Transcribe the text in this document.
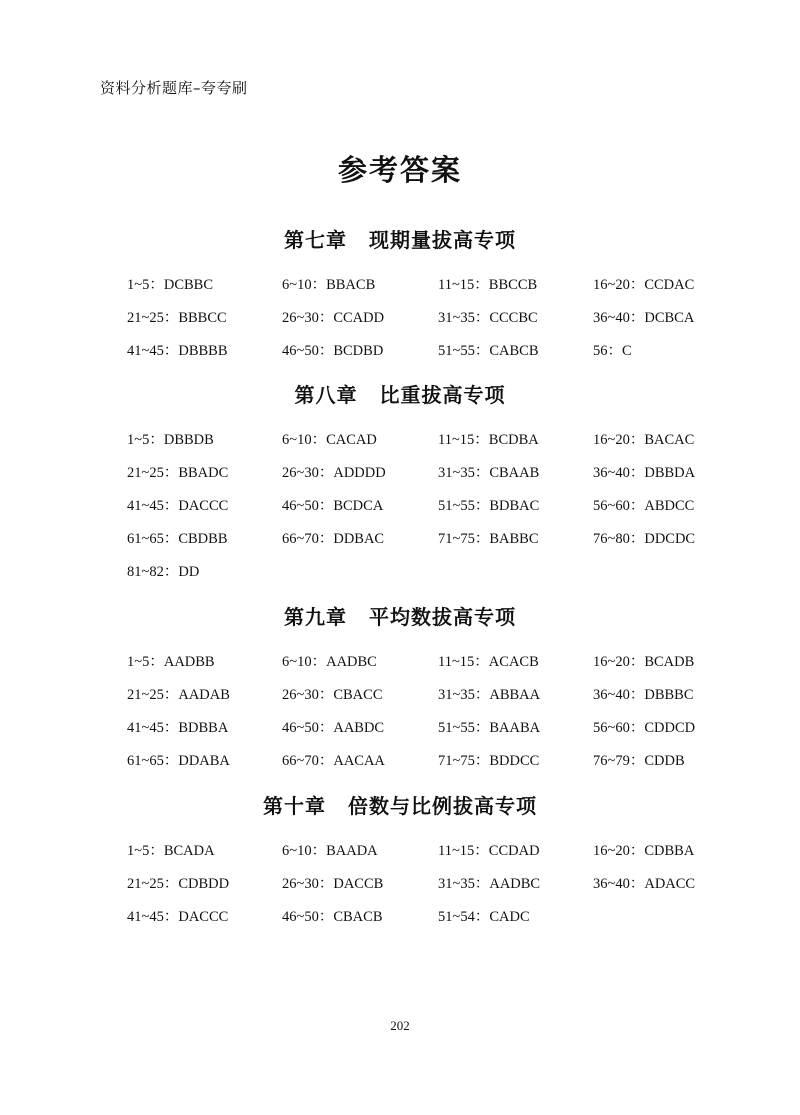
资料分析题库–夸夸刷
参考答案
第七章 现期量拔高专项
1~5：DCBBC	6~10：BBACB	11~15：BBCCB	16~20：CCDAC
21~25：BBBCC	26~30：CCADD	31~35：CCCBC	36~40：DCBCA
41~45：DBBBB	46~50：BCDBD	51~55：CABCB	56：C
第八章 比重拔高专项
1~5：DBBDB	6~10：CACAD	11~15：BCDBA	16~20：BACAC
21~25：BBADC	26~30：ADDDD	31~35：CBAAB	36~40：DBBDA
41~45：DACCC	46~50：BCDCA	51~55：BDBAC	56~60：ABDCC
61~65：CBDBB	66~70：DDBAC	71~75：BABBC	76~80：DDCDC
81~82：DD
第九章 平均数拔高专项
1~5：AADBB	6~10：AADBC	11~15：ACACB	16~20：BCADB
21~25：AADAB	26~30：CBACC	31~35：ABBAA	36~40：DBBBC
41~45：BDBBA	46~50：AABDC	51~55：BAABA	56~60：CDDCD
61~65：DDABA	66~70：AACAA	71~75：BDDCC	76~79：CDDB
第十章 倍数与比例拔高专项
1~5：BCADA	6~10：BAADA	11~15：CCDAD	16~20：CDBBA
21~25：CDBDD	26~30：DACCB	31~35：AADBC	36~40：ADACC
41~45：DACCC	46~50：CBACB	51~54：CADC
202
